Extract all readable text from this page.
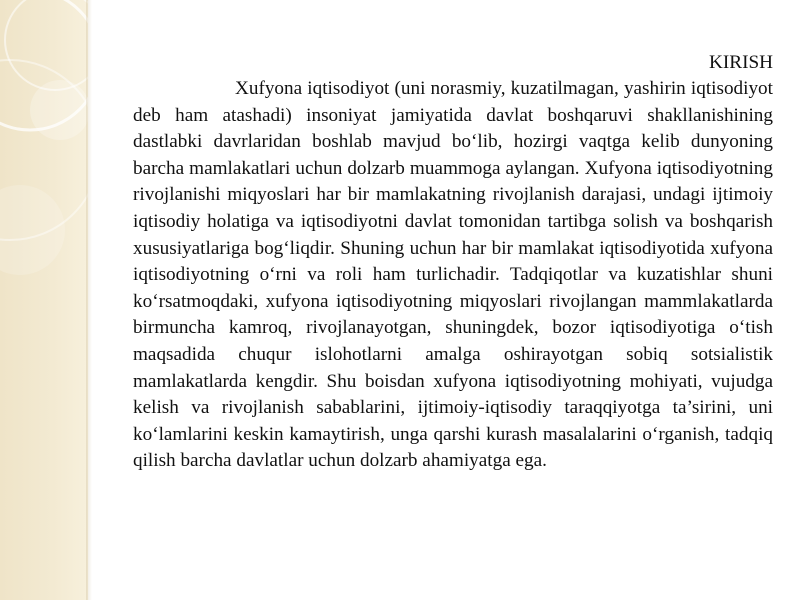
KIRISH

Xufyona iqtisodiyot (uni norasmiy, kuzatilmagan, yashirin iqtisodiyot deb ham atashadi) insoniyat jamiyatida davlat boshqaruvi shakllanishining dastlabki davrlaridan boshlab mavjud bo‘lib, hozirgi vaqtga kelib dunyoning barcha mamlakatlari uchun dolzarb muammoga aylangan. Xufyona iqtisodiyotning rivojlanishi miqyoslari har bir mamlakatning rivojlanish darajasi, undagi ijtimoiy iqtisodiy holatiga va iqtisodiyotni davlat tomonidan tartibga solish va boshqarish xususiyatlariga bog‘liqdir. Shuning uchun har bir mamlakat iqtisodiyotida xufyona iqtisodiyotning o‘rni va roli ham turlichadir. Tadqiqotlar va kuzatishlar shuni ko‘rsatmoqdaki, xufyona iqtisodiyotning miqyoslari rivojlangan mammlakatlarda birmuncha kamroq, rivojlanayotgan, shuningdek, bozor iqtisodiyotiga o‘tish maqsadida chuqur islohotlarni amalga oshirayotgan sobiq sotsialistik mamlakatlarda kengdir. Shu boisdan xufyona iqtisodiyotning mohiyati, vujudga kelish va rivojlanish sabablarini, ijtimoiy-iqtisodiy taraqqiyotga ta’sirini, uni ko‘lamlarini keskin kamaytirish, unga qarshi kurash masalalarini o‘rganish, tadqiq qilish barcha davlatlar uchun dolzarb ahamiyatga ega.
